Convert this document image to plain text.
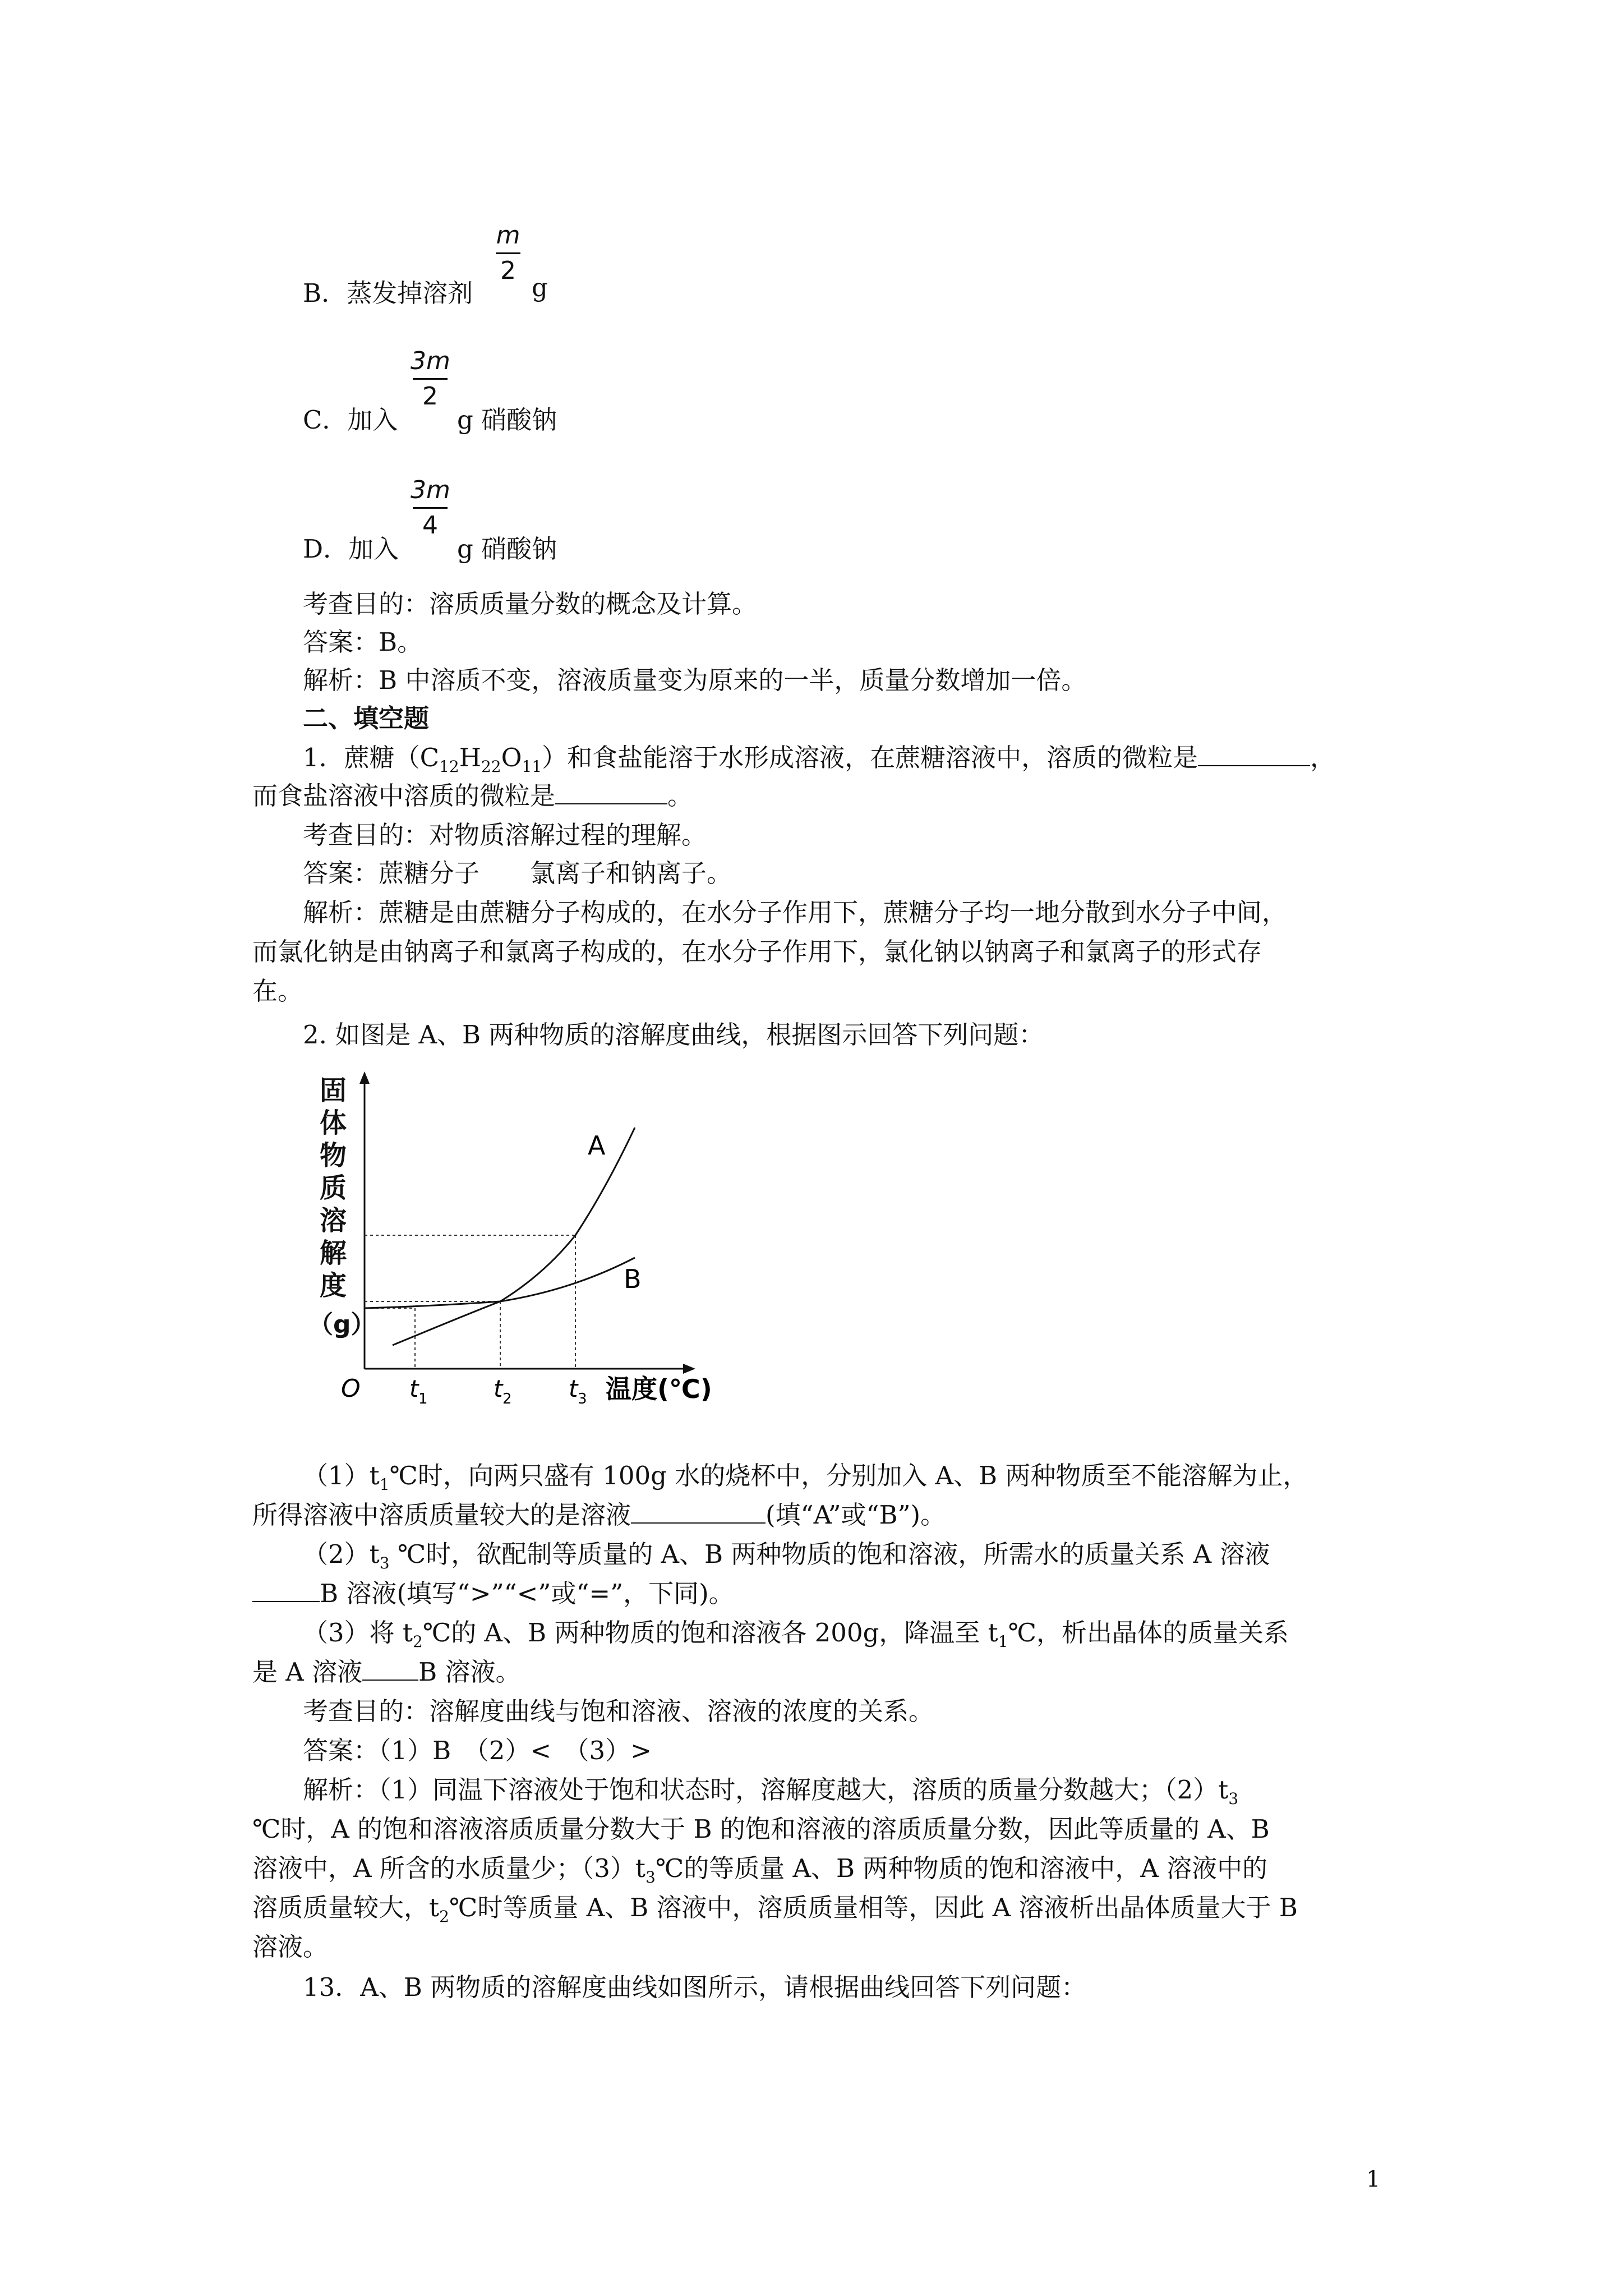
B．蒸发掉溶剂
m
2
g
C．加入
3m
2
g 硝酸钠
D．加入
3m
4
g 硝酸钠
考查目的：溶质质量分数的概念及计算。
答案：B。
解析：B 中溶质不变，溶液质量变为原来的一半，质量分数增加一倍。
二、填空题
1．蔗糖$(C_{12}H_{22}O_{11})$和食盐能溶于水形成溶液，在蔗糖溶液中，溶质的微粒是	，
而食盐溶液中溶质的微粒是	。
考查目的：对物质溶解过程的理解。
答案：蔗糖分子　　氯离子和钠离子。
解析：蔗糖是由蔗糖分子构成的，在水分子作用下，蔗糖分子均一地分散到水分子中间，
而氯化钠是由钠离子和氯离子构成的，在水分子作用下，氯化钠以钠离子和氯离子的形式存
在。
2. 如图是 A、B 两种物质的溶解度曲线，根据图示回答下列问题：
固
体
物
质
溶
解
度
（g）
A
B
O t 1	t 2 t 3 温度(℃)
$(1)t_1℃$时，向两只盛有 100g 水的烧杯中，分别加入 A、B 两种物质至不能溶解为止，
所得溶液中溶质质量较大的是溶液	(填“A”或“B”)。
$(2)t_3$ ℃时，欲配制等质量的 A、B 两种物质的饱和溶液，所需水的质量关系 A 溶液
B 溶液(填写“>”“<”或“=”，下同)。
（3）将 $t_2℃$的 A、B 两种物质的饱和溶液各 200g，降温至 $t_1℃$，析出晶体的质量关系
是 A 溶液 B 溶液。
考查目的：溶解度曲线与饱和溶液、溶液的浓度的关系。
答案：（1）B　（2）<　（3）>
解析：（1）同温下溶液处于饱和状态时，溶解度越大，溶质的质量分数越大；$(2)t_3$
℃时，A 的饱和溶液溶质质量分数大于 B 的饱和溶液的溶质质量分数，因此等质量的 A、B
溶液中，A 所含的水质量少；$(3)t_3℃$的等质量 A、B 两种物质的饱和溶液中，A 溶液中的
溶质质量较大，$t_2℃$时等质量 A、B 溶液中，溶质质量相等，因此 A 溶液析出晶体质量大于 B
溶液。
13．A、B 两物质的溶解度曲线如图所示，请根据曲线回答下列问题：
1
